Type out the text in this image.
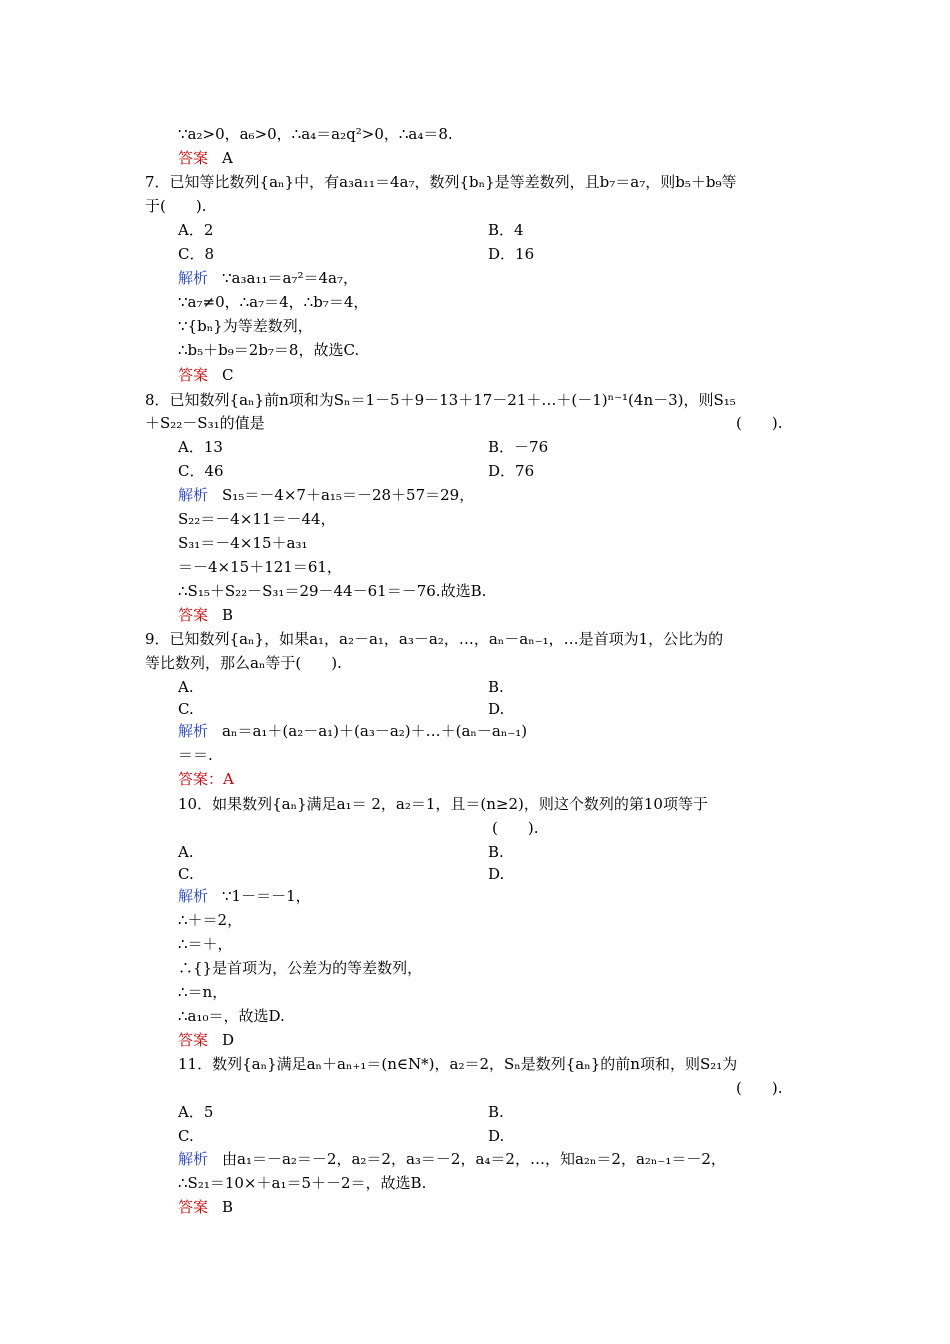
∵a₂>0，a₆>0，∴a₄＝a₂q²>0，∴a₄＝8.
答案 A
7．已知等比数列{aₙ}中，有a₃a₁₁＝4a₇，数列{bₙ}是等差数列，且b₇＝a₇，则b₅＋b₉等
于(　　).
A．2	B．4
C．8	D．16
解析 ∵a₃a₁₁＝a₇²＝4a₇，
∵a₇≠0，∴a₇＝4，∴b₇＝4，
∵{bₙ}为等差数列，
∴b₅＋b₉＝2b₇＝8，故选C.
答案 C
8．已知数列{aₙ}前n项和为Sₙ＝1－5＋9－13＋17－21＋…＋(－1)ⁿ⁻¹(4n－3)，则S₁₅
＋S₂₂－S₃₁的值是	(　　).
A．13	B．－76
C．46	D．76
解析 S₁₅＝－4×7＋a₁₅＝－28＋57＝29，
S₂₂＝－4×11＝－44，
S₃₁＝－4×15＋a₃₁
＝－4×15＋121＝61，
∴S₁₅＋S₂₂－S₃₁＝29－44－61＝－76.故选B.
答案 B
9．已知数列{aₙ}，如果a₁，a₂－a₁，a₃－a₂，…，aₙ－aₙ₋₁，…是首项为1，公比为的
等比数列，那么aₙ等于(　　).
A.	B.
C.	D.
解析 aₙ＝a₁＋(a₂－a₁)＋(a₃－a₂)＋…＋(aₙ－aₙ₋₁)
＝＝.
答案：A
10．如果数列{aₙ}满足a₁＝ 2，a₂＝1，且＝(n≥2)，则这个数列的第10项等于
(　　).
A.	B.
C.	D.
解析 ∵1－＝－1，
∴＋＝2，
∴＝＋，
∴{}是首项为，公差为的等差数列，
∴＝n，
∴a₁₀＝，故选D.
答案 D
11．数列{aₙ}满足aₙ＋aₙ₊₁＝(n∈N*)，a₂＝2，Sₙ是数列{aₙ}的前n项和，则S₂₁为
(　　).
A．5	B.
C.	D.
解析 由a₁＝－a₂＝－2，a₂＝2，a₃＝－2，a₄＝2，…，知a₂ₙ＝2，a₂ₙ₋₁＝－2，
∴S₂₁＝10×＋a₁＝5＋－2＝，故选B.
答案 B
